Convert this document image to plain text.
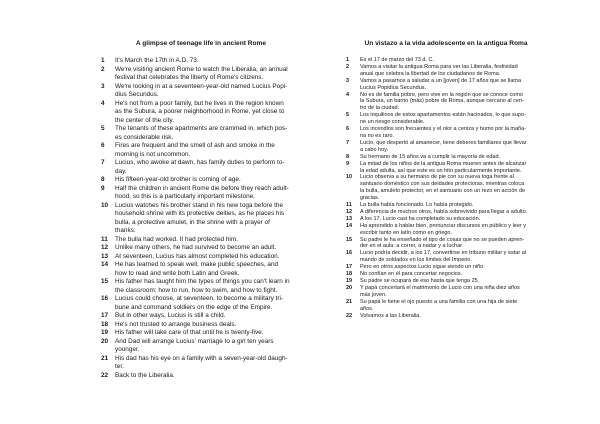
A glimpse of teenage life in ancient Rome
1 It's March the 17th in A.D. 73.
2 We're visiting ancient Rome to watch the Liberalia, an annual
festival that celebrates the liberty of Rome's citizens.
3 We're looking in at a seventeen-year-old named Lucius Popi-
dius Secundus.
4 He's not from a poor family, but he lives in the region known
as the Subura, a poorer neighborhood in Rome, yet close to
the center of the city.
5 The tenants of these apartments are crammed in, which pos-
es considerable risk.
6 Fires are frequent and the smell of ash and smoke in the
morning is not uncommon.
7 Lucius, who awoke at dawn, has family duties to perform to-
day.
8 His fifteen-year-old brother is coming of age.
9 Half the children in ancient Rome die before they reach adult-
hood, so this is a particularly important milestone.
10 Lucius watches his brother stand in his new toga before the
household shrine with its protective deities, as he places his
bulla, a protective amulet, in the shrine with a prayer of
thanks.
11 The bulla had worked. It had protected him.
12 Unlike many others, he had survived to become an adult.
13 At seventeen, Lucius has almost completed his education.
14 He has learned to speak well, make public speeches, and
how to read and write both Latin and Greek.
15 His father has taught him the types of things you can't learn in
the classroom: how to run, how to swim, and how to fight.
16 Lucius could choose, at seventeen, to become a military tri-
bune and command soldiers on the edge of the Empire.
17 But in other ways, Lucius is still a child.
18 He's not trusted to arrange business deals.
19 His father will take care of that until he is twenty-five.
20 And Dad will arrange Lucius' marriage to a girl ten years
younger.
21 His dad has his eye on a family with a seven-year-old daugh-
ter.
22 Back to the Liberalia.
Un vistazo a la vida adolescente en la antigua Roma
1 Es el 17 de marzo del 73 d. C.
2 Vamos a visitar la antigua Roma para ver las Liberalia, festividad
anual que celebra la libertad de los ciudadanos de Roma.
3 Vamos a pasarnos a saludar a un [joven] de 17 años que se llama
Lucius Popidius Secundus.
4 No es de familia pobre, pero vive en la región que se conoce como
la Subura, un barrio (más) pobre de Roma, aunque cercano al cen-
tro de la ciudad.
5 Los inquilinos de estos apartamentos están hacinados, lo que supo-
ne un riesgo considerable.
6 Los incendios son frecuentes y el olor a ceniza y humo por la maña-
na no es raro.
7 Lucio, que despertó al amanecer, tiene deberes familiares que llevar
a cabo hoy.
8 Su hermano de 15 años va a cumplir la mayoría de edad.
9 La mitad de los niños de la antigua Roma mueren antes de alcanzar
la edad adulta, así que este es un hito particularmente importante.
10 Lucio observa a su hermano de pie con su nueva toga frente al
santuario doméstico con sus deidades protectoras, mientras coloca
la bulla, amuleto protector, en el santuario con un rezo en acción de
gracias.
11 La bulla había funcionado. Lo había protegido.
12 A diferencia de muchos otros, había sobrevivido para llegar a adulto.
13 A los 17, Lucio casi ha completado su educación.
14 Ha aprendido a hablar bien, pronunciar discursos en público y leer y
escribir tanto en latín como en griego.
15 Su padre le ha enseñado el tipo de cosas que no se pueden apren-
der en el aula: a correr, a nadar y a luchar.
16 Lucio podría decidir, a los 17, convertirse en tribuno militar y estar al
mando de soldados en los límites del Imperio.
17 Pero en otros aspectos Lucio sigue siendo un niño.
18 No confían en él para concertar negocios.
19 Su padre se ocupará de eso hasta que tenga 25.
20 Y papá concertará el matrimonio de Lucio con una niña diez años
más joven.
21 Su papá le tiene el ojo puesto a una familia con una hija de siete
años.
22 Volvamos a las Liberalia.
